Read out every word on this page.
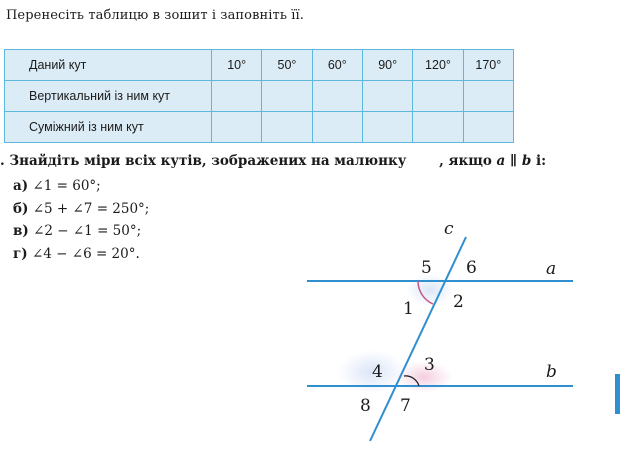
Перенесіть таблицю в зошит і заповніть її.
Даний кут	10°	50°	60°	90°	120°	170°
Вертикальний із ним кут						
Суміжний із ним кут						
. Знайдіть міри всіх кутів, зображених на малюнку , якщо a ∥ b і:
а) ∠1 = 60°;
б) ∠5 + ∠7 = 250°;
в) ∠2 − ∠1 = 50°;
г) ∠4 − ∠6 = 20°.
c
a
b
1 2
3
4
5 6
7
8
